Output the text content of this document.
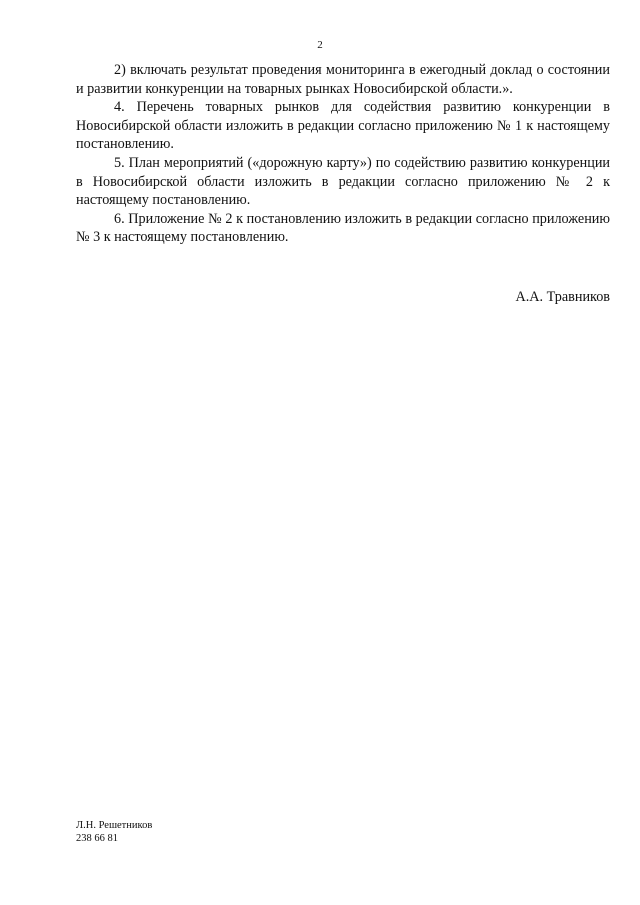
2

2) включать результат проведения мониторинга в ежегодный доклад о состоянии и развитии конкуренции на товарных рынках Новосибирской области.».

4. Перечень товарных рынков для содействия развитию конкуренции в Новосибирской области изложить в редакции согласно приложению № 1 к настоящему постановлению.

5. План мероприятий («дорожную карту») по содействию развитию конкуренции в Новосибирской области изложить в редакции согласно приложению № 2 к настоящему постановлению.

6. Приложение № 2 к постановлению изложить в редакции согласно приложению № 3 к настоящему постановлению.

А.А. Травников
Л.Н. Решетников
238 66 81
